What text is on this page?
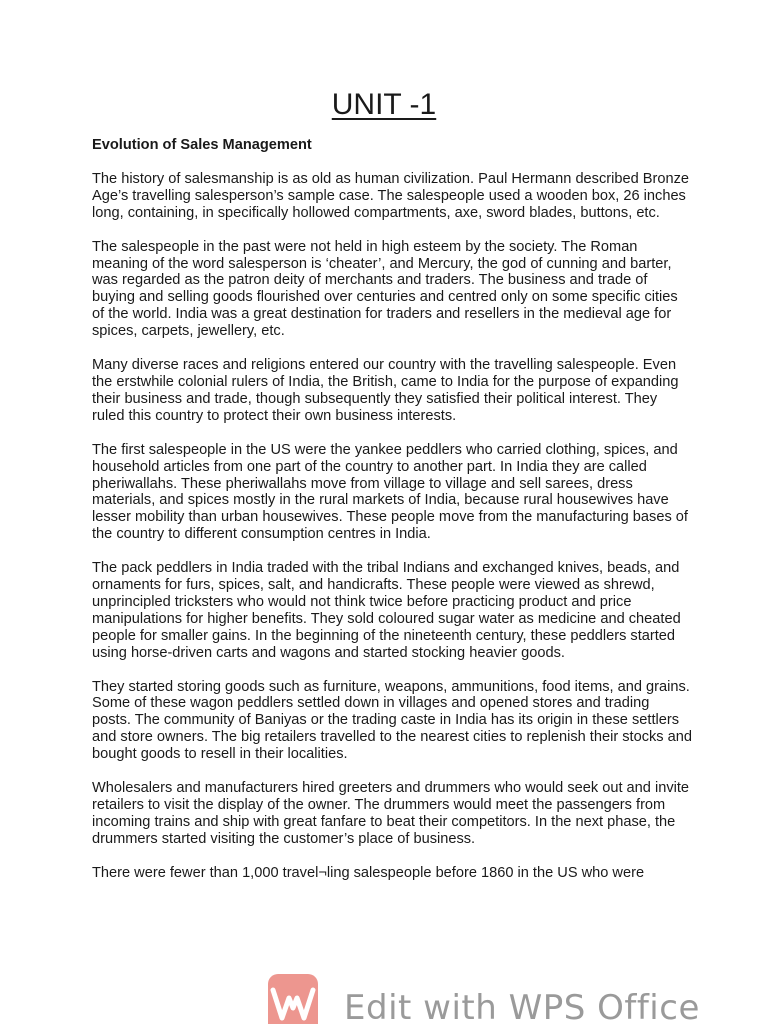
UNIT -1

Evolution of Sales Management

The history of salesmanship is as old as human civilization. Paul Hermann described Bronze Age’s travelling salesperson’s sample case. The salespeople used a wooden box, 26 inches long, containing, in specifically hollowed compartments, axe, sword blades, buttons, etc.

The salespeople in the past were not held in high esteem by the society. The Roman meaning of the word salesperson is ‘cheater’, and Mercury, the god of cunning and barter, was regarded as the patron deity of merchants and traders. The business and trade of buying and selling goods flourished over centuries and centred only on some specific cities of the world. India was a great destination for traders and resellers in the medieval age for spices, carpets, jewellery, etc.

Many diverse races and religions entered our country with the travelling salespeople. Even the erstwhile colonial rulers of India, the British, came to India for the purpose of expanding their business and trade, though subsequently they satisfied their political interest. They ruled this country to protect their own business interests.

The first salespeople in the US were the yankee peddlers who carried clothing, spices, and household articles from one part of the country to another part. In India they are called pheriwallahs. These pheriwallahs move from village to village and sell sarees, dress materials, and spices mostly in the rural markets of India, because rural housewives have lesser mobility than urban housewives. These people move from the manufacturing bases of the country to different consumption centres in India.

The pack peddlers in India traded with the tribal Indians and exchanged knives, beads, and ornaments for furs, spices, salt, and handicrafts. These people were viewed as shrewd, unprincipled tricksters who would not think twice before practicing product and price manipulations for higher benefits. They sold coloured sugar water as medicine and cheated people for smaller gains. In the beginning of the nineteenth century, these peddlers started using horse-driven carts and wagons and started stocking heavier goods.

They started storing goods such as furniture, weapons, ammunitions, food items, and grains. Some of these wagon peddlers settled down in villages and opened stores and trading posts. The community of Baniyas or the trading caste in India has its origin in these settlers and store owners. The big retailers travelled to the nearest cities to replenish their stocks and bought goods to resell in their localities.

Wholesalers and manufacturers hired greeters and drummers who would seek out and invite retailers to visit the display of the owner. The drummers would meet the passengers from incoming trains and ship with great fanfare to beat their competitors. In the next phase, the drummers started visiting the customer’s place of business.

There were fewer than 1,000 travel¬ling salespeople before 1860 in the US who were

Edit with WPS Office
